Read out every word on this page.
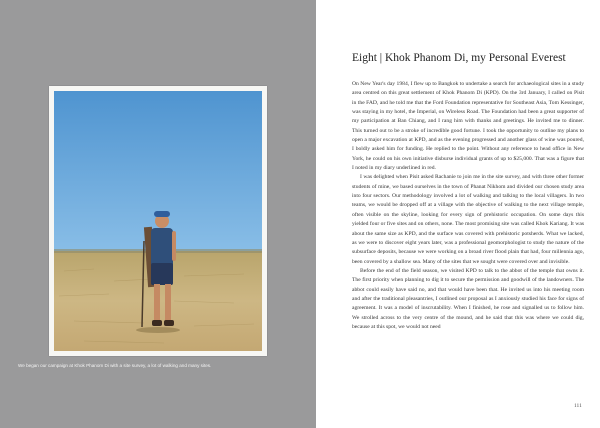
We began our campaign at Khok Phanom Di with a site survey, a lot of walking and many sites.
Eight | Khok Phanom Di, my Personal Everest

On New Year's day 1984, I flew up to Bangkok to undertake a search for archaeological sites in a study area centred on this great settlement of Khok Phanom Di (KPD). On the 3rd January, I called on Pisit in the FAD, and he told me that the Ford Foundation representative for Southeast Asia, Tom Kessinger, was staying in my hotel, the Imperial, on Wireless Road. The Foundation had been a great supporter of my participation at Ban Chiang, and I rang him with thanks and greetings. He invited me to dinner. This turned out to be a stroke of incredible good fortune. I took the opportunity to outline my plans to open a major excavation at KPD, and as the evening progressed and another glass of wine was poured, I boldly asked him for funding. He replied to the point. Without any reference to head office in New York, he could on his own initiative disburse individual grants of up to $25,000. That was a figure that I noted in my diary underlined in red.

I was delighted when Pisit asked Rachanie to join me in the site survey, and with three other former students of mine, we based ourselves in the town of Phanat Nikhom and divided our chosen study area into four sectors. Our methodology involved a lot of walking and talking to the local villagers. In two teams, we would be dropped off at a village with the objective of walking to the next village temple, often visible on the skyline, looking for every sign of prehistoric occupation. On some days this yielded four or five sites and on others, none. The most promising site was called Khok Kariang. It was about the same size as KPD, and the surface was covered with prehistoric potsherds. What we lacked, as we were to discover eight years later, was a professional geomorphologist to study the nature of the subsurface deposits, because we were working on a broad river flood plain that had, four millennia ago, been covered by a shallow sea. Many of the sites that we sought were covered over and invisible.

Before the end of the field season, we visited KPD to talk to the abbot of the temple that owns it. The first priority when planning to dig it to secure the permission and goodwill of the landowners. The abbot could easily have said no, and that would have been that. He invited us into his meeting room and after the traditional pleasantries, I outlined our proposal as I anxiously studied his face for signs of agreement. It was a model of inscrutability. When I finished, he rose and signalled us to follow him. We strolled across to the very centre of the mound, and he said that this was where we could dig, because at this spot, we would not need

111
